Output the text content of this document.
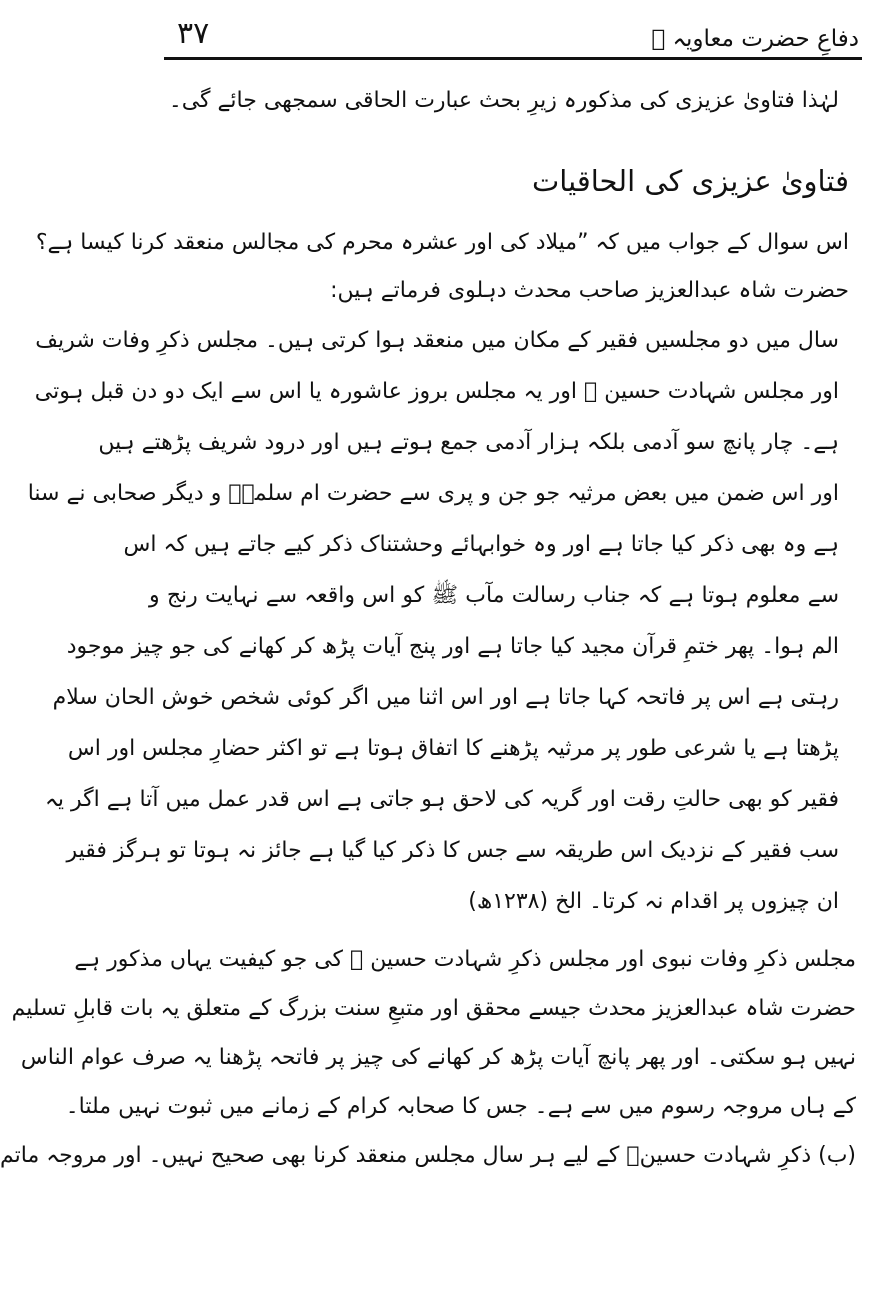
۳۷	دفاعِ حضرت معاویہ ﷜
لہٰذا فتاویٰ عزیزی کی مذکورہ زیرِ بحث عبارت الحاقی سمجھی جائے گی۔
فتاویٰ عزیزی کی الحاقیات
اس سوال کے جواب میں کہ ”میلاد کی اور عشرہ محرم کی مجالس منعقد کرنا کیسا ہے؟
حضرت شاہ عبدالعزیز صاحب محدث دہلوی فرماتے ہیں:
سال میں دو مجلسیں فقیر کے مکان میں منعقد ہوا کرتی ہیں۔ مجلس ذکرِ وفات شریف
اور مجلس شہادت حسین ﷜ اور یہ مجلس بروز عاشورہ یا اس سے ایک دو دن قبل ہوتی
ہے۔ چار پانچ سو آدمی بلکہ ہزار آدمی جمع ہوتے ہیں اور درود شریف پڑھتے ہیں
اور اس ضمن میں بعض مرثیہ جو جن و پری سے حضرت ام سلمہؓ و دیگر صحابی نے سنا
ہے وہ بھی ذکر کیا جاتا ہے اور وہ خوابہائے وحشتناک ذکر کیے جاتے ہیں کہ اس
سے معلوم ہوتا ہے کہ جناب رسالت مآب ﷺ کو اس واقعہ سے نہایت رنج و
الم ہوا۔ پھر ختمِ قرآن مجید کیا جاتا ہے اور پنج آیات پڑھ کر کھانے کی جو چیز موجود
رہتی ہے اس پر فاتحہ کہا جاتا ہے اور اس اثنا میں اگر کوئی شخص خوش الحان سلام
پڑھتا ہے یا شرعی طور پر مرثیہ پڑھنے کا اتفاق ہوتا ہے تو اکثر حضارِ مجلس اور اس
فقیر کو بھی حالتِ رقت اور گریہ کی لاحق ہو جاتی ہے اس قدر عمل میں آتا ہے اگر یہ
سب فقیر کے نزدیک اس طریقہ سے جس کا ذکر کیا گیا ہے جائز نہ ہوتا تو ہرگز فقیر
ان چیزوں پر اقدام نہ کرتا۔ الخ (۱۲۳۸ھ)
مجلس ذکرِ وفات نبوی اور مجلس ذکرِ شہادت حسین ﷜ کی جو کیفیت یہاں مذکور ہے
حضرت شاہ عبدالعزیز محدث جیسے محقق اور متبعِ سنت بزرگ کے متعلق یہ بات قابلِ تسلیم
نہیں ہو سکتی۔ اور پھر پانچ آیات پڑھ کر کھانے کی چیز پر فاتحہ پڑھنا یہ صرف عوام الناس
کے ہاں مروجہ رسوم میں سے ہے۔ جس کا صحابہ کرام کے زمانے میں ثبوت نہیں ملتا۔
(ب) ذکرِ شہادت حسینؓ کے لیے ہر سال مجلس منعقد کرنا بھی صحیح نہیں۔ اور مروجہ ماتم
